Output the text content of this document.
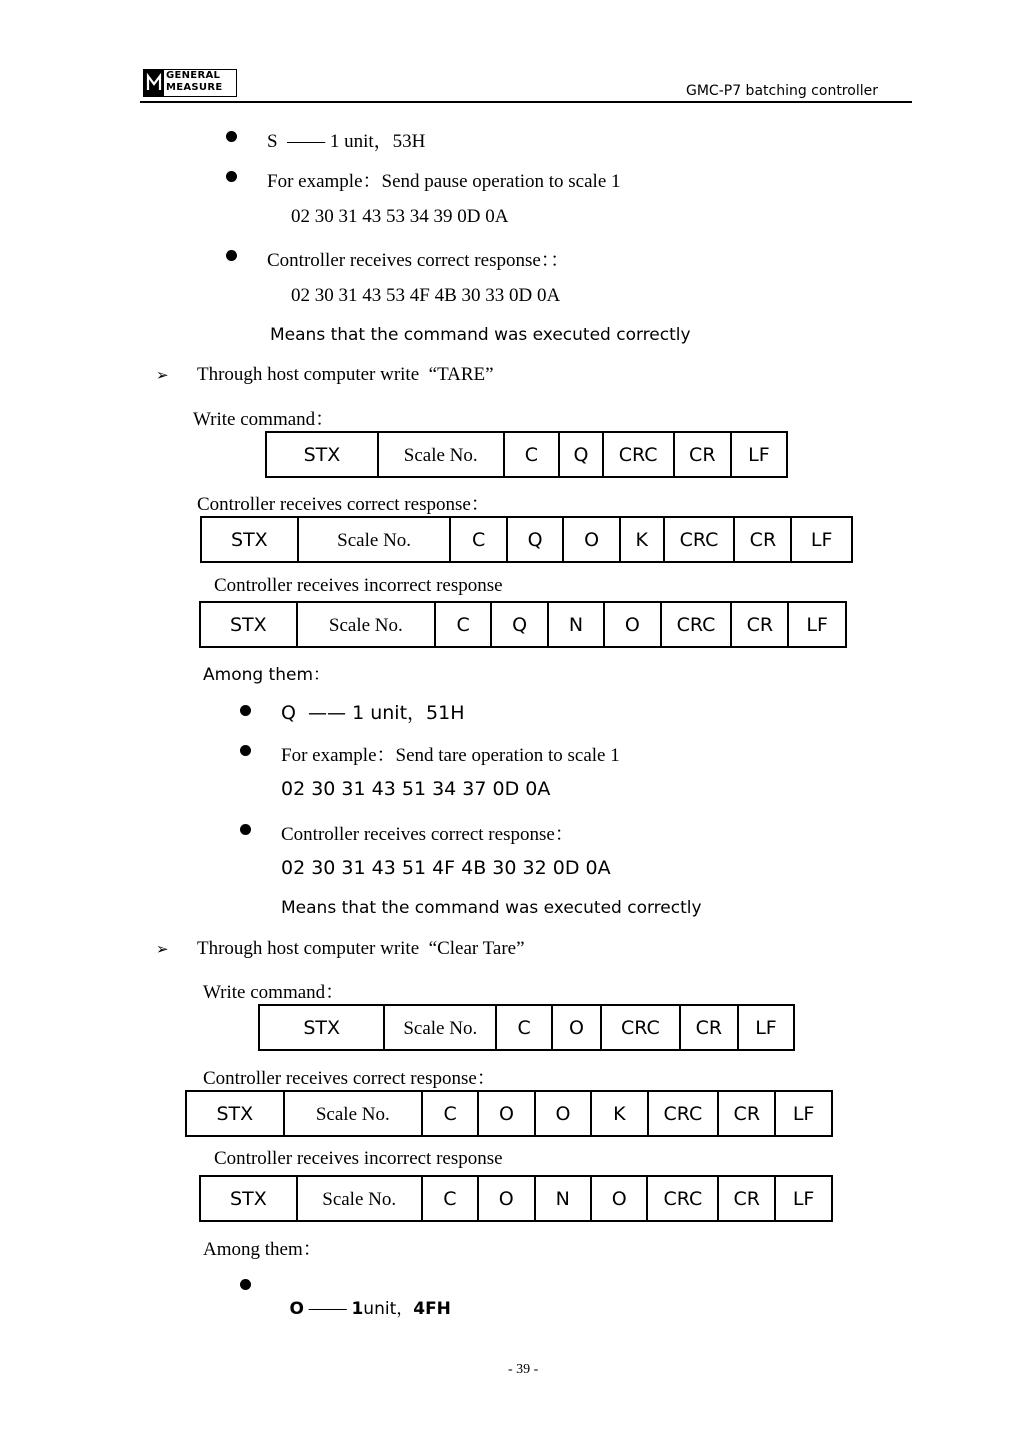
GENERAL
MEASURE	GMC-P7 batching controller
S  —— 1 unit，53H
For example：Send pause operation to scale 1
02 30 31 43 53 34 39 0D 0A
Controller receives correct response：：
02 30 31 43 53 4F 4B 30 33 0D 0A
Means that the command was executed correctly
➢ Through host computer write  “TARE”
Write command：
STX	Scale No.	C	Q	CRC	CR	LF
Controller receives correct response：
STX	Scale No.	C	Q	O	K	CRC	CR	LF
Controller receives incorrect response
STX	Scale No.	C	Q	N	O	CRC	CR	LF
Among them：
Q  —— 1 unit，51H
For example：Send tare operation to scale 1
02 30 31 43 51 34 37 0D 0A
Controller receives correct response：
02 30 31 43 51 4F 4B 30 32 0D 0A
Means that the command was executed correctly
➢ Through host computer write  “Clear Tare”
Write command：
STX	Scale No.	C	O	CRC	CR	LF
Controller receives correct response：
STX	Scale No.	C	O	O	K	CRC	CR	LF
Controller receives incorrect response
STX	Scale No.	C	O	N	O	CRC	CR	LF
Among them：

O —— 1unit，4FH

- 39 -
